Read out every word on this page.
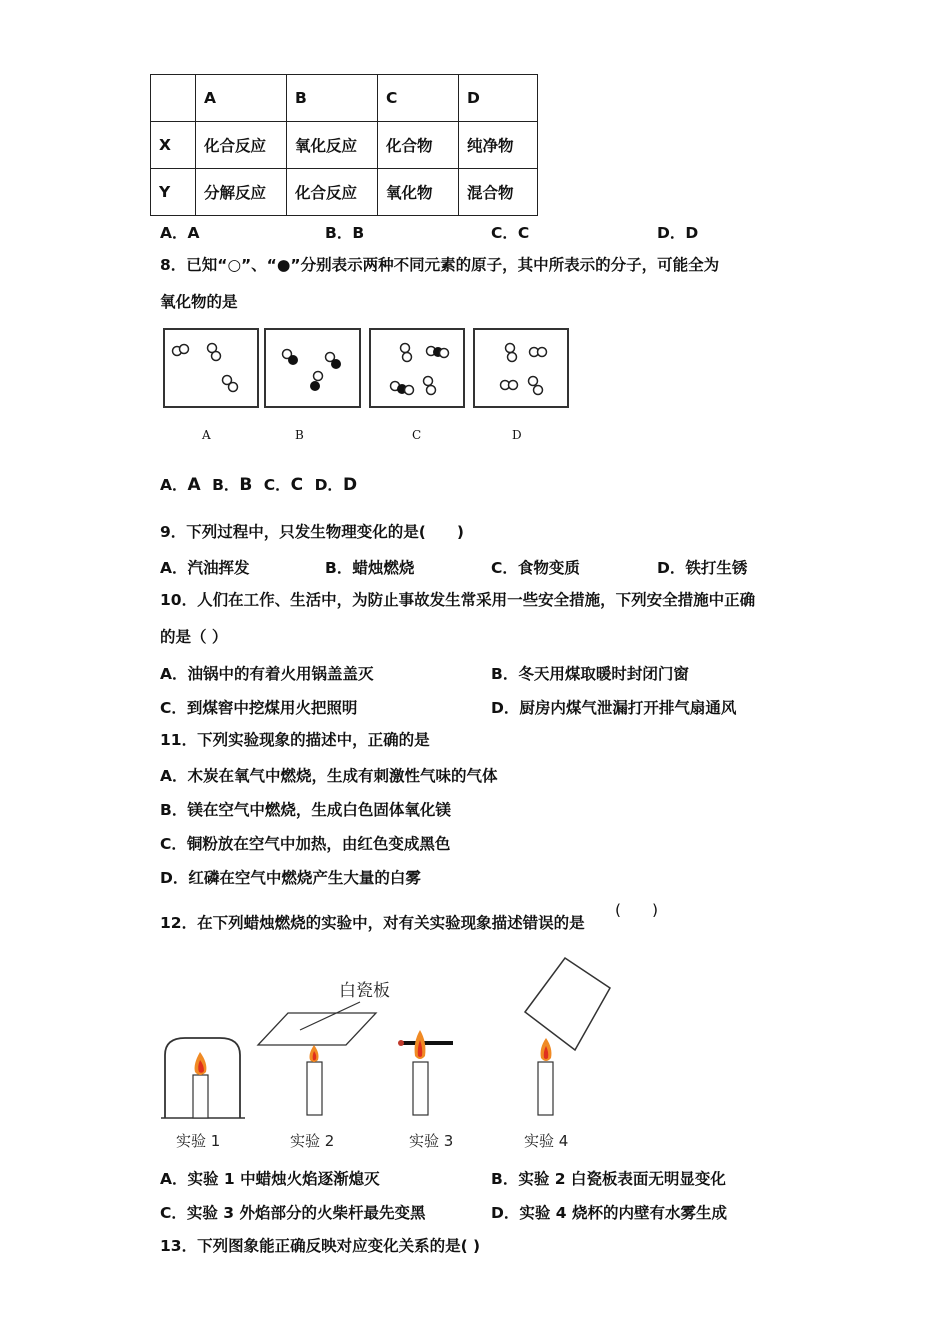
	A	B	C	D
X	化合反应	氧化反应	化合物	纯净物
Y	分解反应	化合反应	氧化物	混合物
A．A	B．B	C．C	D．D
8．已知“○”、“●”分别表示两种不同元素的原子，其中所表示的分子，可能全为
氧化物的是
A	B	C	D
A．A B．B C．C D．D
9．下列过程中，只发生物理变化的是(　　)
A．汽油挥发	B．蜡烛燃烧	C．食物变质	D．铁打生锈
10．人们在工作、生活中，为防止事故发生常采用一些安全措施，下列安全措施中正确
的是（ ）
A．油锅中的有着火用锅盖盖灭	B．冬天用煤取暖时封闭门窗
C．到煤窖中挖煤用火把照明	D．厨房内煤气泄漏打开排气扇通风
11．下列实验现象的描述中，正确的是
A．木炭在氧气中燃烧，生成有刺激性气味的气体
B．镁在空气中燃烧，生成白色固体氧化镁
C．铜粉放在空气中加热，由红色变成黑色
D．红磷在空气中燃烧产生大量的白雾
12．在下列蜡烛燃烧的实验中，对有关实验现象描述错误的是
(　　)
白瓷板
实验 1	实验 2	实验 3	实验 4
A．实验 1 中蜡烛火焰逐渐熄灭	B．实验 2 白瓷板表面无明显变化
C．实验 3 外焰部分的火柴杆最先变黑	D．实验 4 烧杯的内壁有水雾生成
13．下列图象能正确反映对应变化关系的是( )
